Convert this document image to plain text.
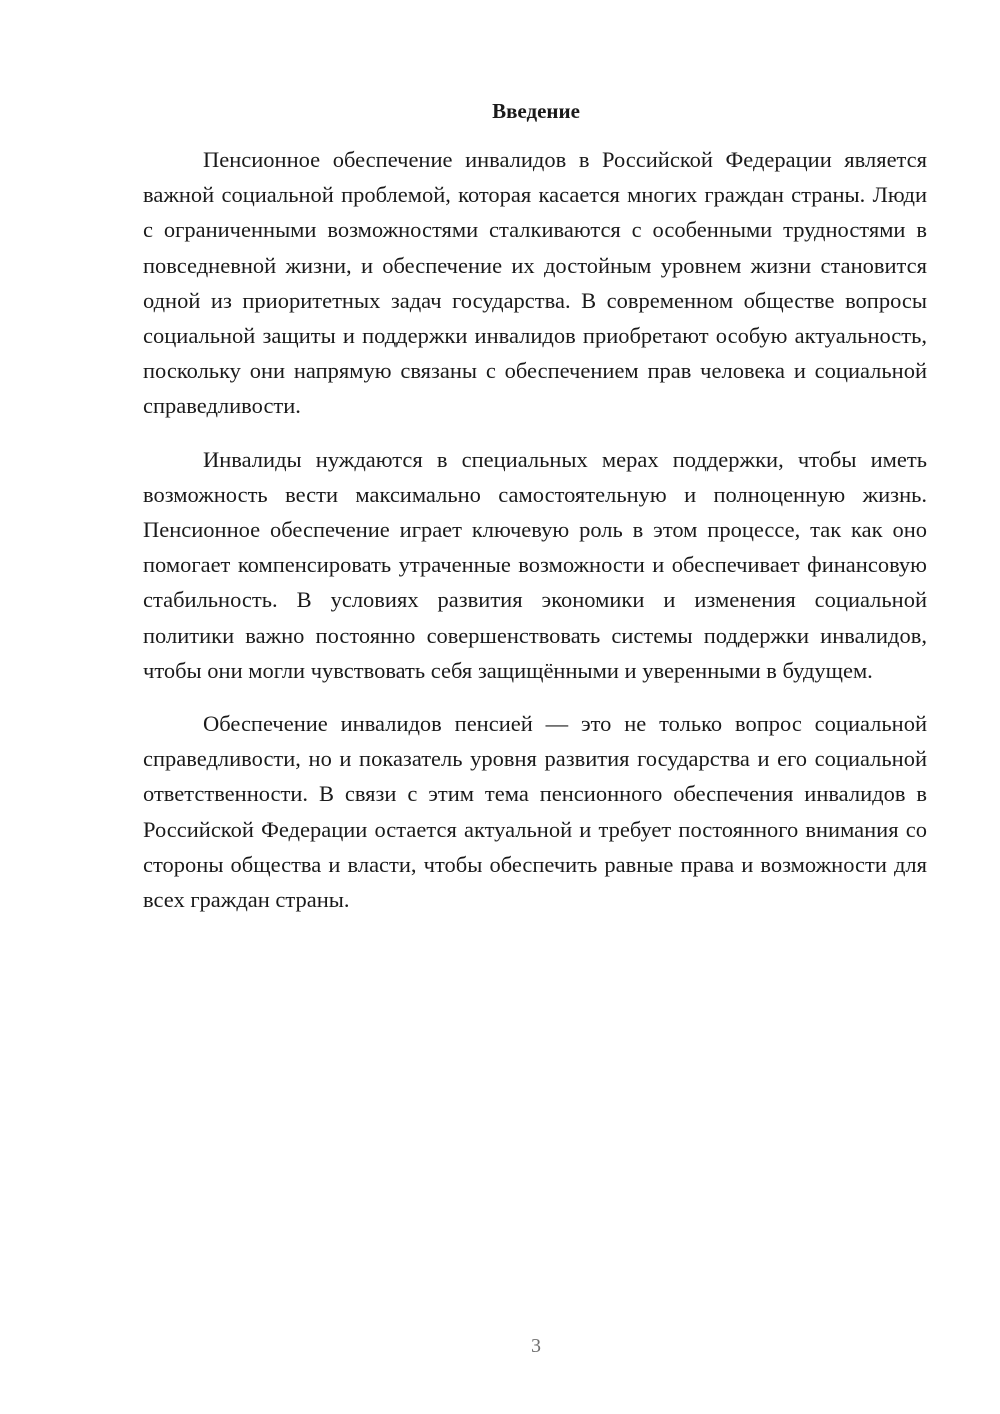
Введение

Пенсионное обеспечение инвалидов в Российской Федерации является важной социальной проблемой, которая касается многих граждан страны. Люди с ограниченными возможностями сталкиваются с особенными трудностями в повседневной жизни, и обеспечение их достойным уровнем жизни становится одной из приоритетных задач государства. В современном обществе вопросы социальной защиты и поддержки инвалидов приобретают особую актуальность, поскольку они напрямую связаны с обеспечением прав человека и социальной справедливости.

Инвалиды нуждаются в специальных мерах поддержки, чтобы иметь возможность вести максимально самостоятельную и полноценную жизнь. Пенсионное обеспечение играет ключевую роль в этом процессе, так как оно помогает компенсировать утраченные возможности и обеспечивает финансовую стабильность. В условиях развития экономики и изменения социальной политики важно постоянно совершенствовать системы поддержки инвалидов, чтобы они могли чувствовать себя защищёнными и уверенными в будущем.

Обеспечение инвалидов пенсией — это не только вопрос социальной справедливости, но и показатель уровня развития государства и его социальной ответственности. В связи с этим тема пенсионного обеспечения инвалидов в Российской Федерации остается актуальной и требует постоянного внимания со стороны общества и власти, чтобы обеспечить равные права и возможности для всех граждан страны.

3
